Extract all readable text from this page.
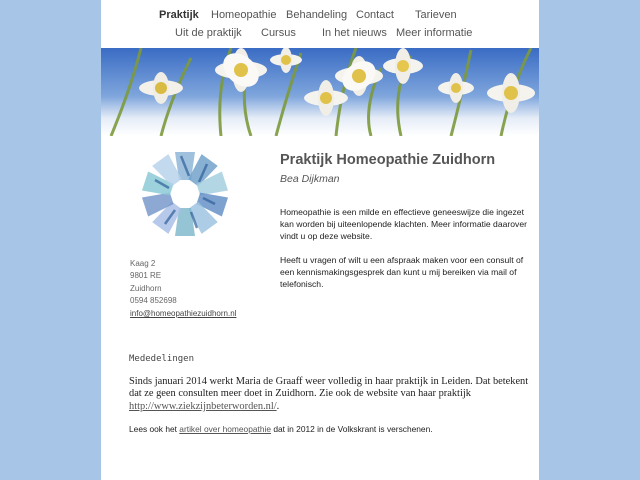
Praktijk Homeopathie Behandeling Contact Tarieven
Uit de praktijk Cursus In het nieuws Meer informatie
Praktijk Homeopathie Zuidhorn
Bea Dijkman

Homeopathie is een milde en effectieve geneeswijze die ingezet kan worden bij uiteenlopende klachten. Meer informatie daarover vindt u op deze website.

Heeft u vragen of wilt u een afspraak maken voor een consult of een kennismakingsgesprek dan kunt u mij bereiken via mail of telefonisch.

Kaag 2
9801 RE
Zuidhorn
0594 852698
info@homeopathiezuidhorn.nl
Mededelingen
Sinds januari 2014 werkt Maria de Graaff weer volledig in haar praktijk in Leiden. Dat betekent dat ze geen consulten meer doet in Zuidhorn. Zie ook de website van haar praktijk http://www.ziekzijnbeterworden.nl/.
Lees ook het artikel over homeopathie dat in 2012 in de Volkskrant is verschenen.
